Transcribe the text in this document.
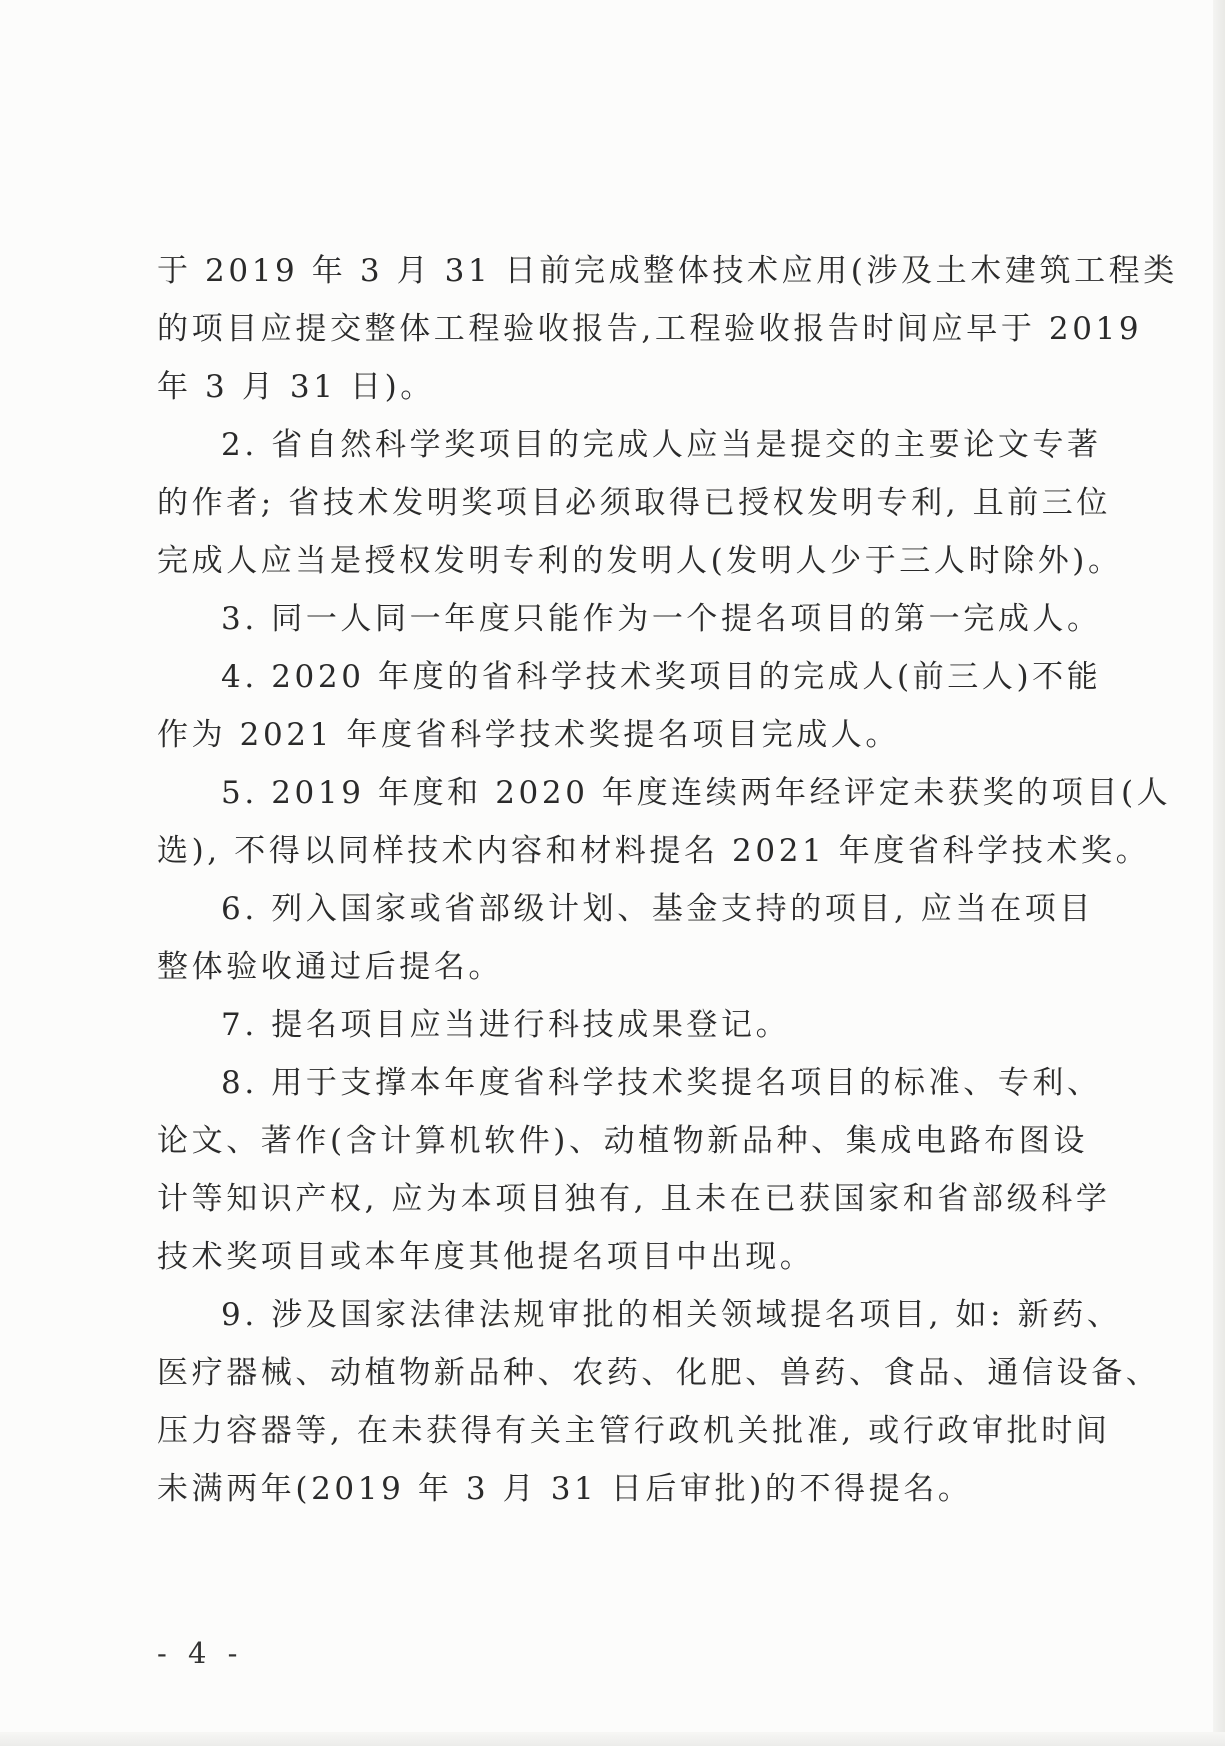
于 2019 年 3 月 31 日前完成整体技术应用(涉及土木建筑工程类
的项目应提交整体工程验收报告,工程验收报告时间应早于 2019
年 3 月 31 日)。
2. 省自然科学奖项目的完成人应当是提交的主要论文专著
的作者; 省技术发明奖项目必须取得已授权发明专利, 且前三位
完成人应当是授权发明专利的发明人(发明人少于三人时除外)。
3. 同一人同一年度只能作为一个提名项目的第一完成人。
4. 2020 年度的省科学技术奖项目的完成人(前三人)不能
作为 2021 年度省科学技术奖提名项目完成人。
5. 2019 年度和 2020 年度连续两年经评定未获奖的项目(人
选), 不得以同样技术内容和材料提名 2021 年度省科学技术奖。
6. 列入国家或省部级计划、基金支持的项目, 应当在项目
整体验收通过后提名。
7. 提名项目应当进行科技成果登记。
8. 用于支撑本年度省科学技术奖提名项目的标准、专利、
论文、著作(含计算机软件)、动植物新品种、集成电路布图设
计等知识产权, 应为本项目独有, 且未在已获国家和省部级科学
技术奖项目或本年度其他提名项目中出现。
9. 涉及国家法律法规审批的相关领域提名项目, 如: 新药、
医疗器械、动植物新品种、农药、化肥、兽药、食品、通信设备、
压力容器等, 在未获得有关主管行政机关批准, 或行政审批时间
未满两年(2019 年 3 月 31 日后审批)的不得提名。
- 4 -
